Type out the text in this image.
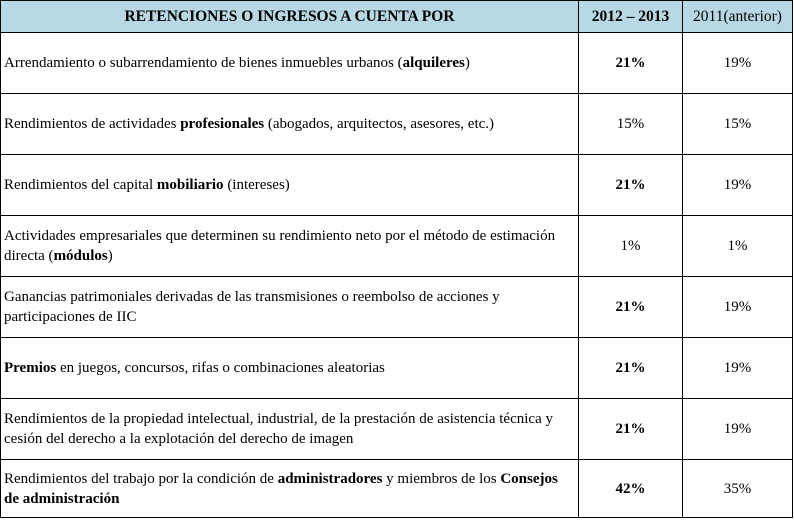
RETENCIONES O INGRESOS A CUENTA POR	2012 – 2013	2011(anterior)
Arrendamiento o subarrendamiento de bienes inmuebles urbanos (alquileres)	21%	19%
Rendimientos de actividades profesionales (abogados, arquitectos, asesores, etc.)	15%	15%
Rendimientos del capital mobiliario (intereses)	21%	19%
Actividades empresariales que determinen su rendimiento neto por el método de estimación directa (módulos)	1%	1%
Ganancias patrimoniales derivadas de las transmisiones o reembolso de acciones y participaciones de IIC	21%	19%
Premios en juegos, concursos, rifas o combinaciones aleatorias	21%	19%
Rendimientos de la propiedad intelectual, industrial, de la prestación de asistencia técnica y cesión del derecho a la explotación del derecho de imagen	21%	19%
Rendimientos del trabajo por la condición de administradores y miembros de los Consejos de administración	42%	35%
